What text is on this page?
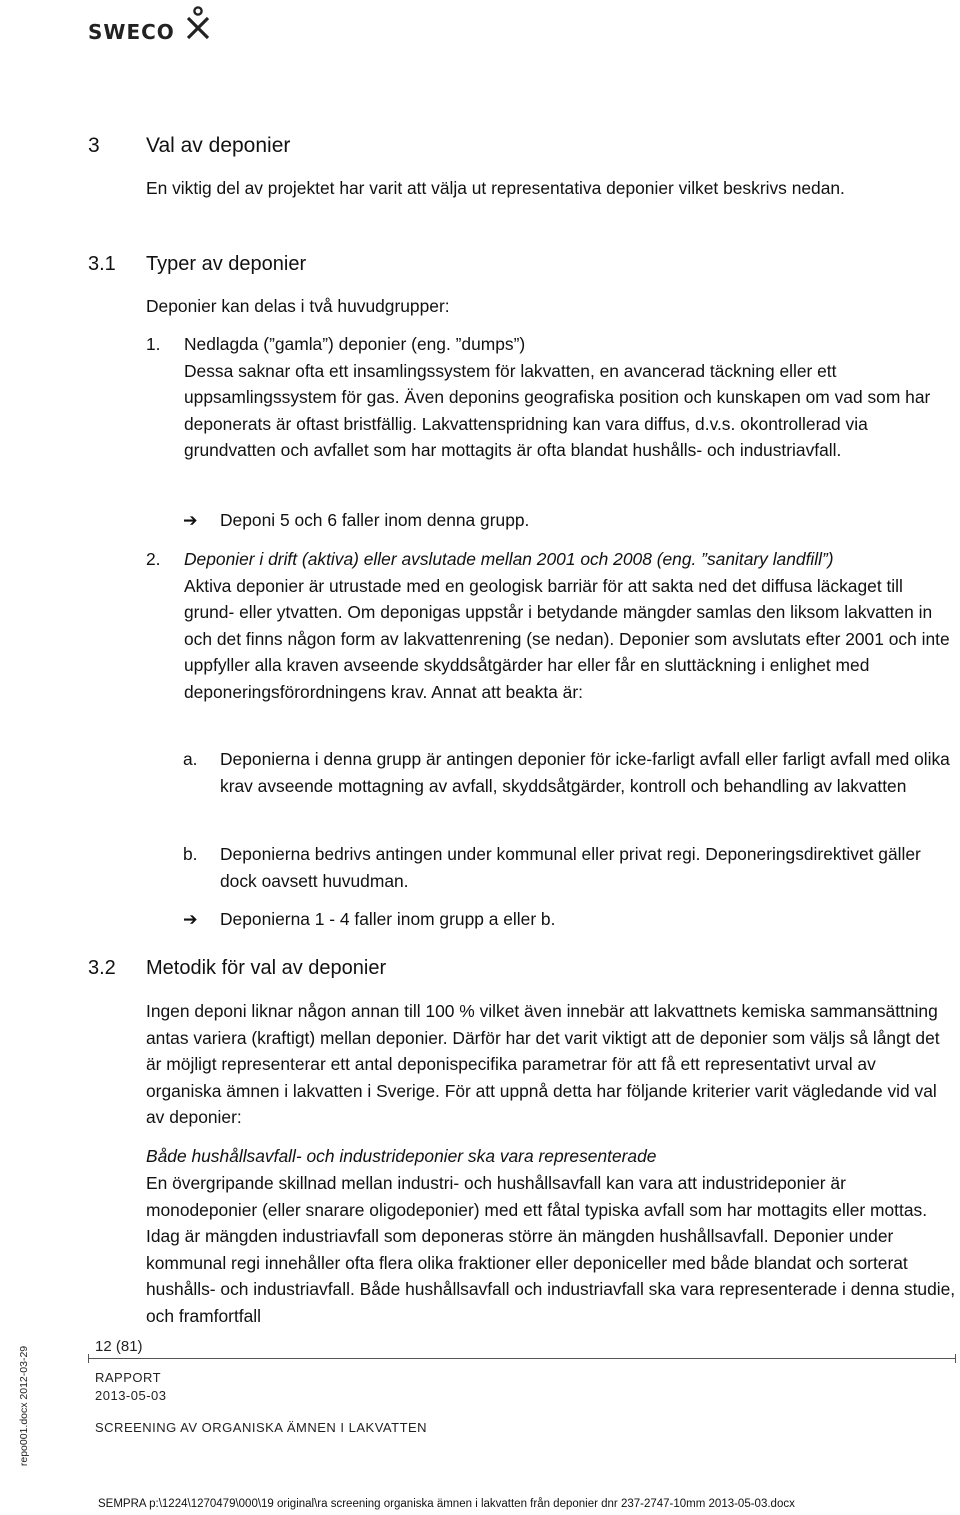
SWECO
3 Val av deponier
En viktig del av projektet har varit att välja ut representativa deponier vilket beskrivs nedan.
3.1 Typer av deponier
Deponier kan delas i två huvudgrupper:
1. Nedlagda (”gamla”) deponier (eng. ”dumps”)
Dessa saknar ofta ett insamlingssystem för lakvatten, en avancerad täckning eller ett uppsamlingssystem för gas. Även deponins geografiska position och kunskapen om vad som har deponerats är oftast bristfällig. Lakvattenspridning kan vara diffus, d.v.s. okontrollerad via grundvatten och avfallet som har mottagits är ofta blandat hushålls- och industriavfall.
➔ Deponi 5 och 6 faller inom denna grupp.
2. Deponier i drift (aktiva) eller avslutade mellan 2001 och 2008 (eng. ”sanitary landfill”)
Aktiva deponier är utrustade med en geologisk barriär för att sakta ned det diffusa läckaget till grund- eller ytvatten. Om deponigas uppstår i betydande mängder samlas den liksom lakvatten in och det finns någon form av lakvattenrening (se nedan). Deponier som avslutats efter 2001 och inte uppfyller alla kraven avseende skyddsåtgärder har eller får en sluttäckning i enlighet med deponeringsförordningens krav. Annat att beakta är:
a. Deponierna i denna grupp är antingen deponier för icke-farligt avfall eller farligt avfall med olika krav avseende mottagning av avfall, skyddsåtgärder, kontroll och behandling av lakvatten
b. Deponierna bedrivs antingen under kommunal eller privat regi. Deponeringsdirektivet gäller dock oavsett huvudman.
➔ Deponierna 1 - 4 faller inom grupp a eller b.
3.2 Metodik för val av deponier
Ingen deponi liknar någon annan till 100 % vilket även innebär att lakvattnets kemiska sammansättning antas variera (kraftigt) mellan deponier. Därför har det varit viktigt att de deponier som väljs så långt det är möjligt representerar ett antal deponispecifika parametrar för att få ett representativt urval av organiska ämnen i lakvatten i Sverige. För att uppnå detta har följande kriterier varit vägledande vid val av deponier:
Både hushållsavfall- och industrideponier ska vara representerade
En övergripande skillnad mellan industri- och hushållsavfall kan vara att industrideponier är monodeponier (eller snarare oligodeponier) med ett fåtal typiska avfall som har mottagits eller mottas. Idag är mängden industriavfall som deponeras större än mängden hushållsavfall. Deponier under kommunal regi innehåller ofta flera olika fraktioner eller deponiceller med både blandat och sorterat hushålls- och industriavfall. Både hushållsavfall och industriavfall ska vara representerade i denna studie, och framfortfall
12 (81)
RAPPORT
2013-05-03
SCREENING AV ORGANISKA ÄMNEN I LAKVATTEN
repo001.docx 2012-03-29
SEMPRA p:\1224\1270479\000\19 original\ra screening organiska ämnen i lakvatten från deponier dnr 237-2747-10mm 2013-05-03.docx
